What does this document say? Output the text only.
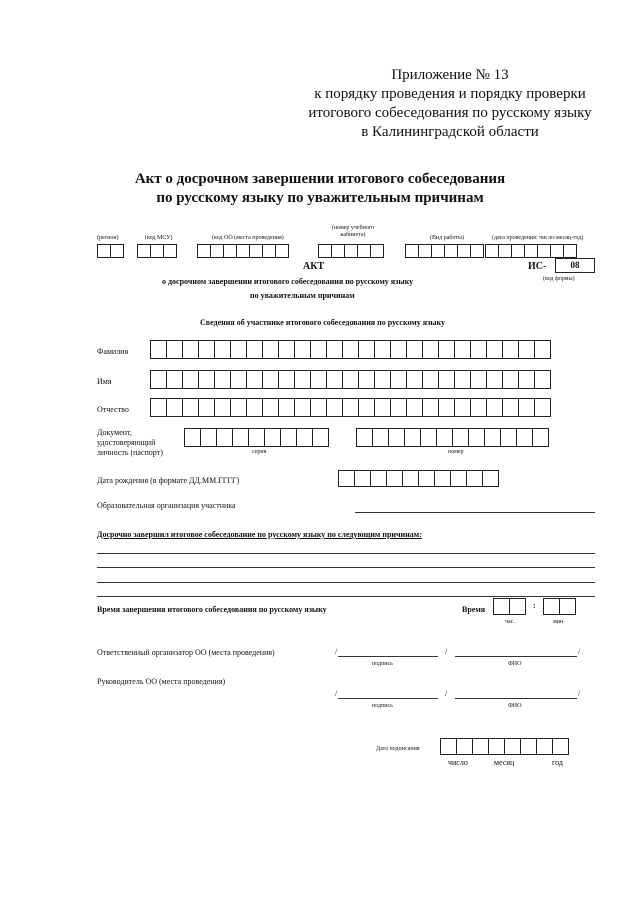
Приложение № 13
к порядку проведения и порядку проверки
итогового собеседования по русскому языку
в Калининградской области
Акт о досрочном завершении итогового собеседования
по русскому языку по уважительным причинам
(регион)	(код МСУ)	(код ОО (места проведения)
(номер учебного
кабинета)	(Вид работы)	(дата проведения: число-месяц-год)
АКТ	ИС-	08
(код формы)
о досрочном завершении итогового собеседования по русскому языку
по уважительным причинам
Сведения об участнике итогового собеседования по русскому языку
Фамилия
Имя
Отчество
Документ,
удостоверяющий
личность (паспорт)	серия	номер
Дата рождения (в формате ДД.ММ.ГГГГ)
Образовательная организация участника
Досрочно завершил итоговое собеседование по русскому языку по следующим причинам:
Время завершения итогового собеседования по русскому языку	Время	:
час.	мин.
Ответственный организатор ОО (места проведения)	/	/	/
подпись	ФИО
Руководитель ОО (места проведения)
/	/	/
подпись	ФИО
Дата подписания
число	месяц	год
